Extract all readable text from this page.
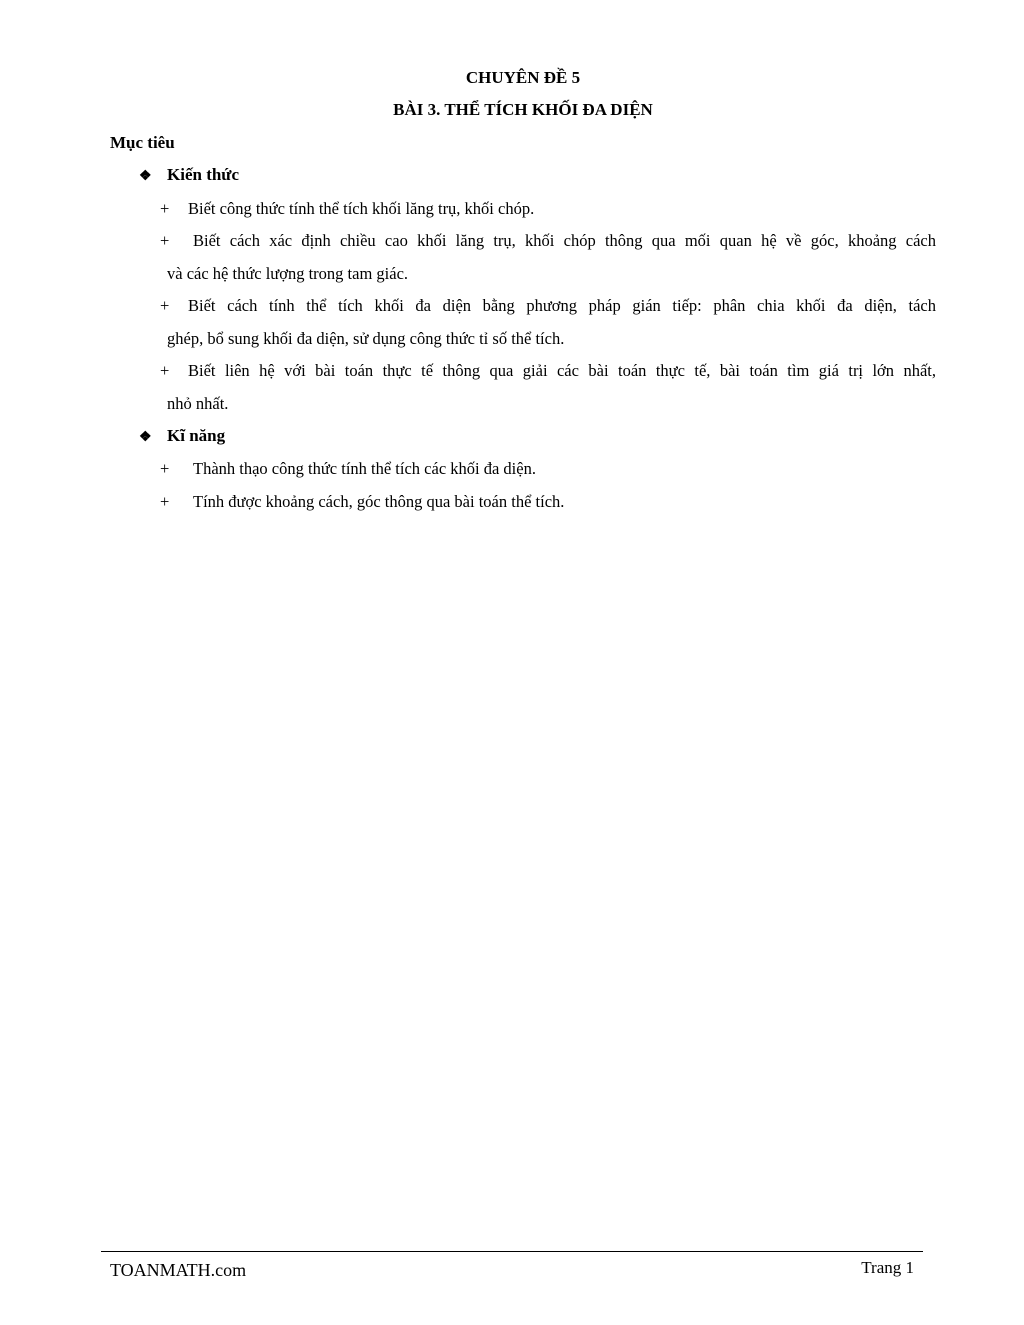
CHUYÊN ĐỀ 5
BÀI 3. THỂ TÍCH KHỐI ĐA DIỆN
Mục tiêu
❖ Kiến thức
+	Biết công thức tính thể tích khối lăng trụ, khối chóp.
+	Biết cách xác định chiều cao khối lăng trụ, khối chóp thông qua mối quan hệ về góc, khoảng cách
và các hệ thức lượng trong tam giác.
+	Biết cách tính thể tích khối đa diện bằng phương pháp gián tiếp: phân chia khối đa diện, tách
ghép, bổ sung khối đa diện, sử dụng công thức tỉ số thể tích.
+	Biết liên hệ với bài toán thực tế thông qua giải các bài toán thực tế, bài toán tìm giá trị lớn nhất,
nhỏ nhất.
❖ Kĩ năng
+	Thành thạo công thức tính thể tích các khối đa diện.
+	Tính được khoảng cách, góc thông qua bài toán thể tích.
TOANMATH.com	Trang 1
